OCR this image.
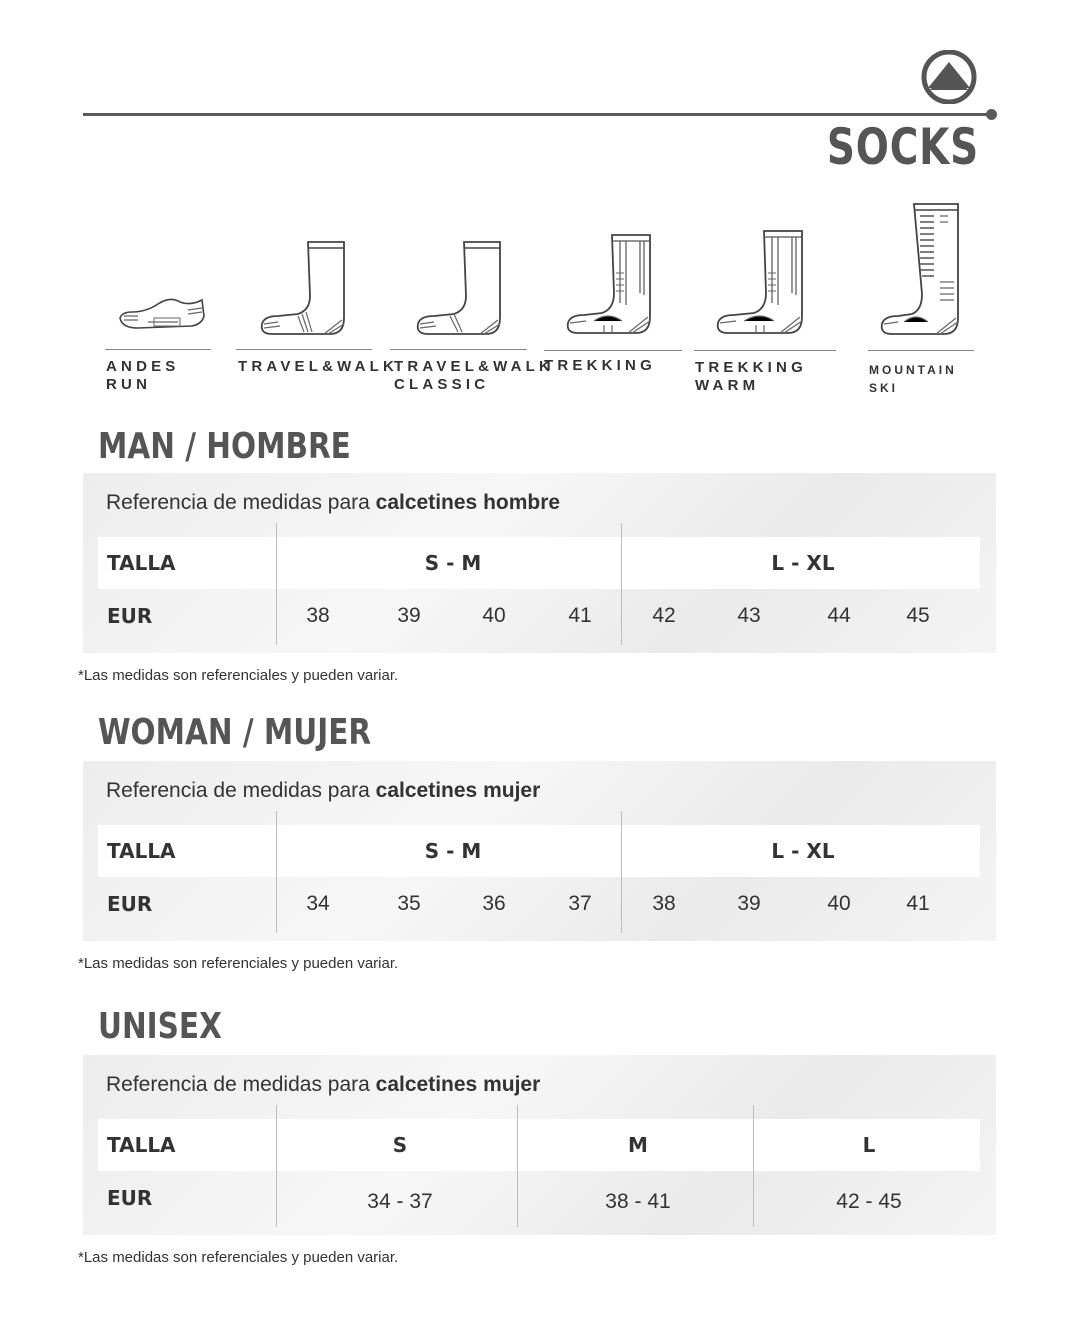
SOCKS
ANDES RUN
TRAVEL&WALK
TRAVEL&WALK
CLASSIC
TREKKING	TREKKING WARM
MOUNTAIN SKI
MAN / HOMBRE
Referencia de medidas para calcetines hombre
TALLA	S - M	L - XL
EUR	38	39	40	41	42	43	44	45
*Las medidas son referenciales y pueden variar.
WOMAN / MUJER
Referencia de medidas para calcetines mujer
TALLA	S - M	L - XL
EUR	34	35	36	37	38	39	40	41
*Las medidas son referenciales y pueden variar.
UNISEX
Referencia de medidas para calcetines mujer
TALLA	S	M	L
EUR	34 - 37	38 - 41	42 - 45
*Las medidas son referenciales y pueden variar.
